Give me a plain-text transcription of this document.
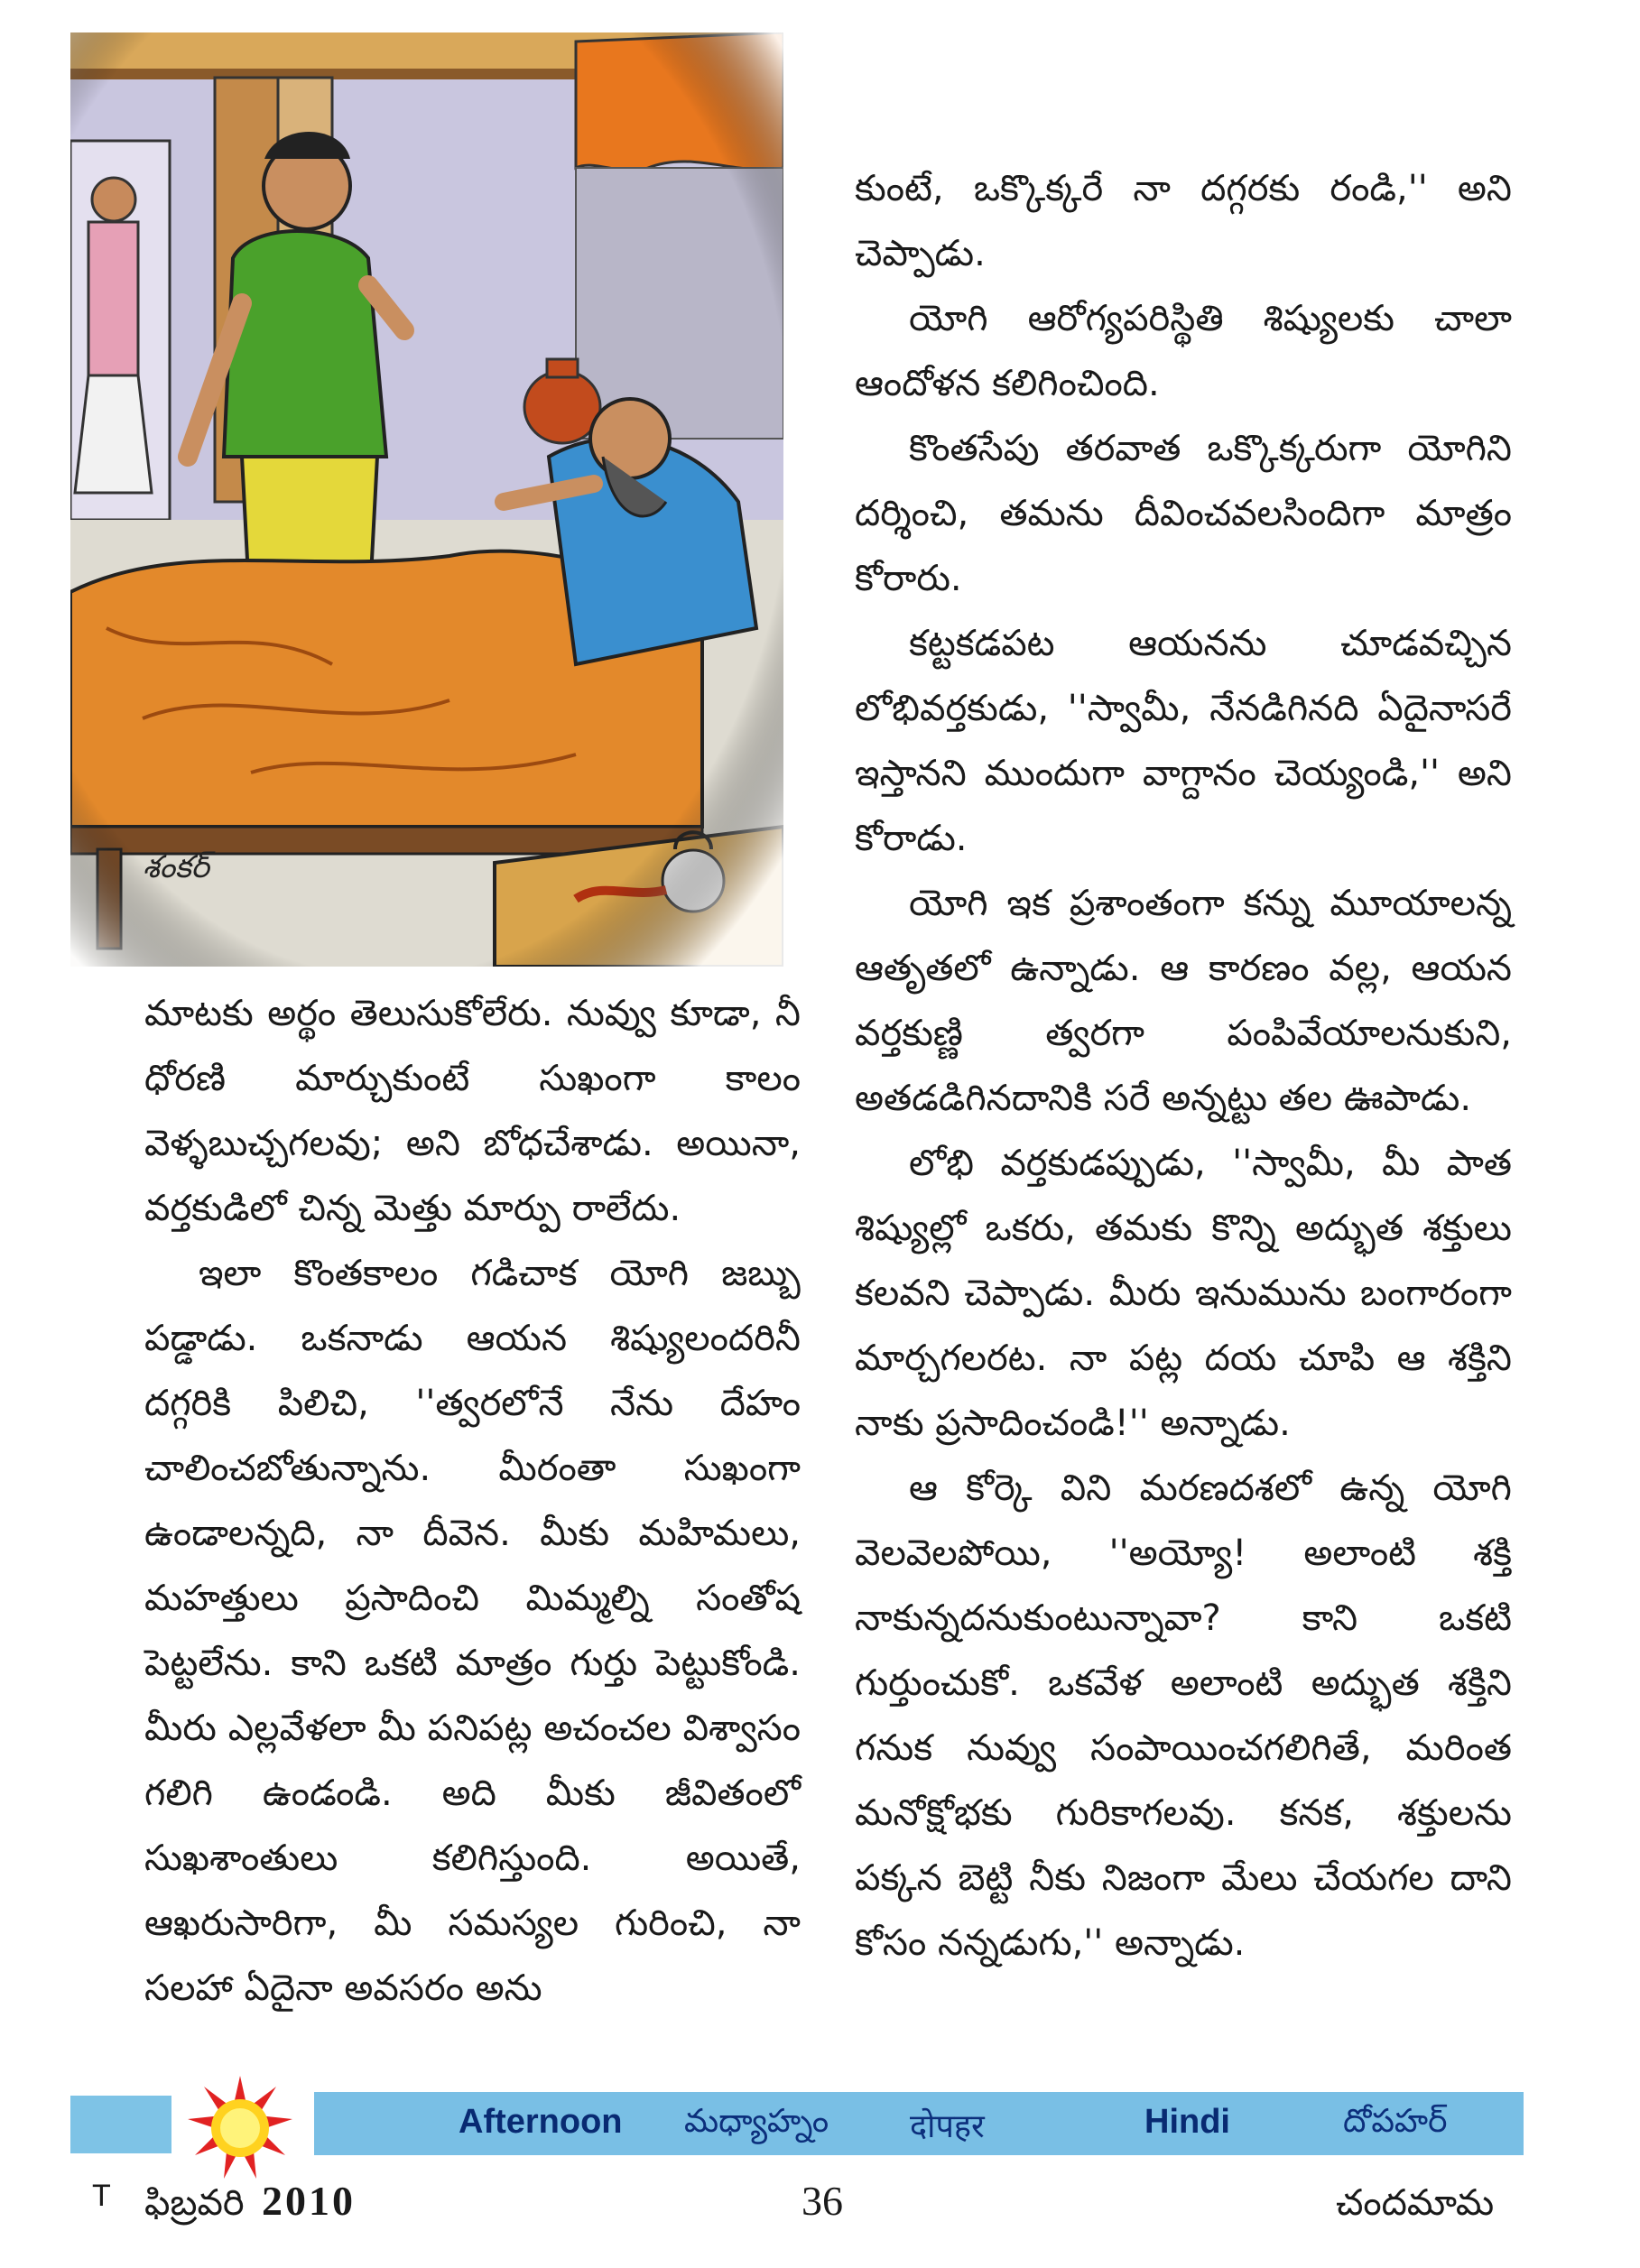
శంకర్

కుంటే, ఒక్కొక్కరే నా దగ్గరకు రండి,'' అని చెప్పాడు.

యోగి ఆరోగ్యపరిస్థితి శిష్యులకు చాలా ఆందోళన కలిగించింది.

కొంతసేపు తరవాత ఒక్కొక్కరుగా యోగిని దర్శించి, తమను దీవించవలసిందిగా మాత్రం కోరారు.

కట్టకడపట ఆయనను చూడవచ్చిన లోభివర్తకుడు, ''స్వామీ, నేనడిగినది ఏదైనాసరే ఇస్తానని ముందుగా వాగ్దానం చెయ్యండి,'' అని కోరాడు.

యోగి ఇక ప్రశాంతంగా కన్ను మూయాలన్న ఆతృతలో ఉన్నాడు. ఆ కారణం వల్ల, ఆయన వర్తకుణ్ణి త్వరగా పంపివేయాలనుకుని, అతడడిగినదానికి సరే అన్నట్టు తల ఊపాడు.

లోభి వర్తకుడప్పుడు, ''స్వామీ, మీ పాత శిష్యుల్లో ఒకరు, తమకు కొన్ని అద్భుత శక్తులు కలవని చెప్పాడు. మీరు ఇనుమును బంగారంగా మార్చగలరట. నా పట్ల దయ చూపి ఆ శక్తిని నాకు ప్రసాదించండి!'' అన్నాడు.

ఆ కోర్కె విని మరణదశలో ఉన్న యోగి వెలవెలపోయి, ''అయ్యో! అలాంటి శక్తి నాకున్నదనుకుంటున్నావా? కాని ఒకటి గుర్తుంచుకో. ఒకవేళ అలాంటి అద్భుత శక్తిని గనుక నువ్వు సంపాయించగలిగితే, మరింత మనోక్షోభకు గురికాగలవు. కనక, శక్తులను పక్కన బెట్టి నీకు నిజంగా మేలు చేయగల దాని కోసం నన్నడుగు,'' అన్నాడు.

మాటకు అర్థం తెలుసుకోలేరు. నువ్వు కూడా, నీ ధోరణి మార్చుకుంటే సుఖంగా కాలం వెళ్ళబుచ్చగలవు; అని బోధచేశాడు. అయినా, వర్తకుడిలో చిన్న మెత్తు మార్పు రాలేదు.

ఇలా కొంతకాలం గడిచాక యోగి జబ్బు పడ్డాడు. ఒకనాడు ఆయన శిష్యులందరినీ దగ్గరికి పిలిచి, ''త్వరలోనే నేను దేహం చాలించబోతున్నాను. మీరంతా సుఖంగా ఉండాలన్నది, నా దీవెన. మీకు మహిమలు, మహత్తులు ప్రసాదించి మిమ్మల్ని సంతోష పెట్టలేను. కాని ఒకటి మాత్రం గుర్తు పెట్టుకోండి. మీరు ఎల్లవేళలా మీ పనిపట్ల అచంచల విశ్వాసం గలిగి ఉండండి. అది మీకు జీవితంలో సుఖశాంతులు కలిగిస్తుంది. అయితే, ఆఖరుసారిగా, మీ సమస్యల గురించి, నా సలహా ఏదైనా అవసరం అను

Afternoon మధ్యాహ్నం दोपहर	Hindi	దోపహర్
T ఫిబ్రవరి 2010	36	చందమామ
